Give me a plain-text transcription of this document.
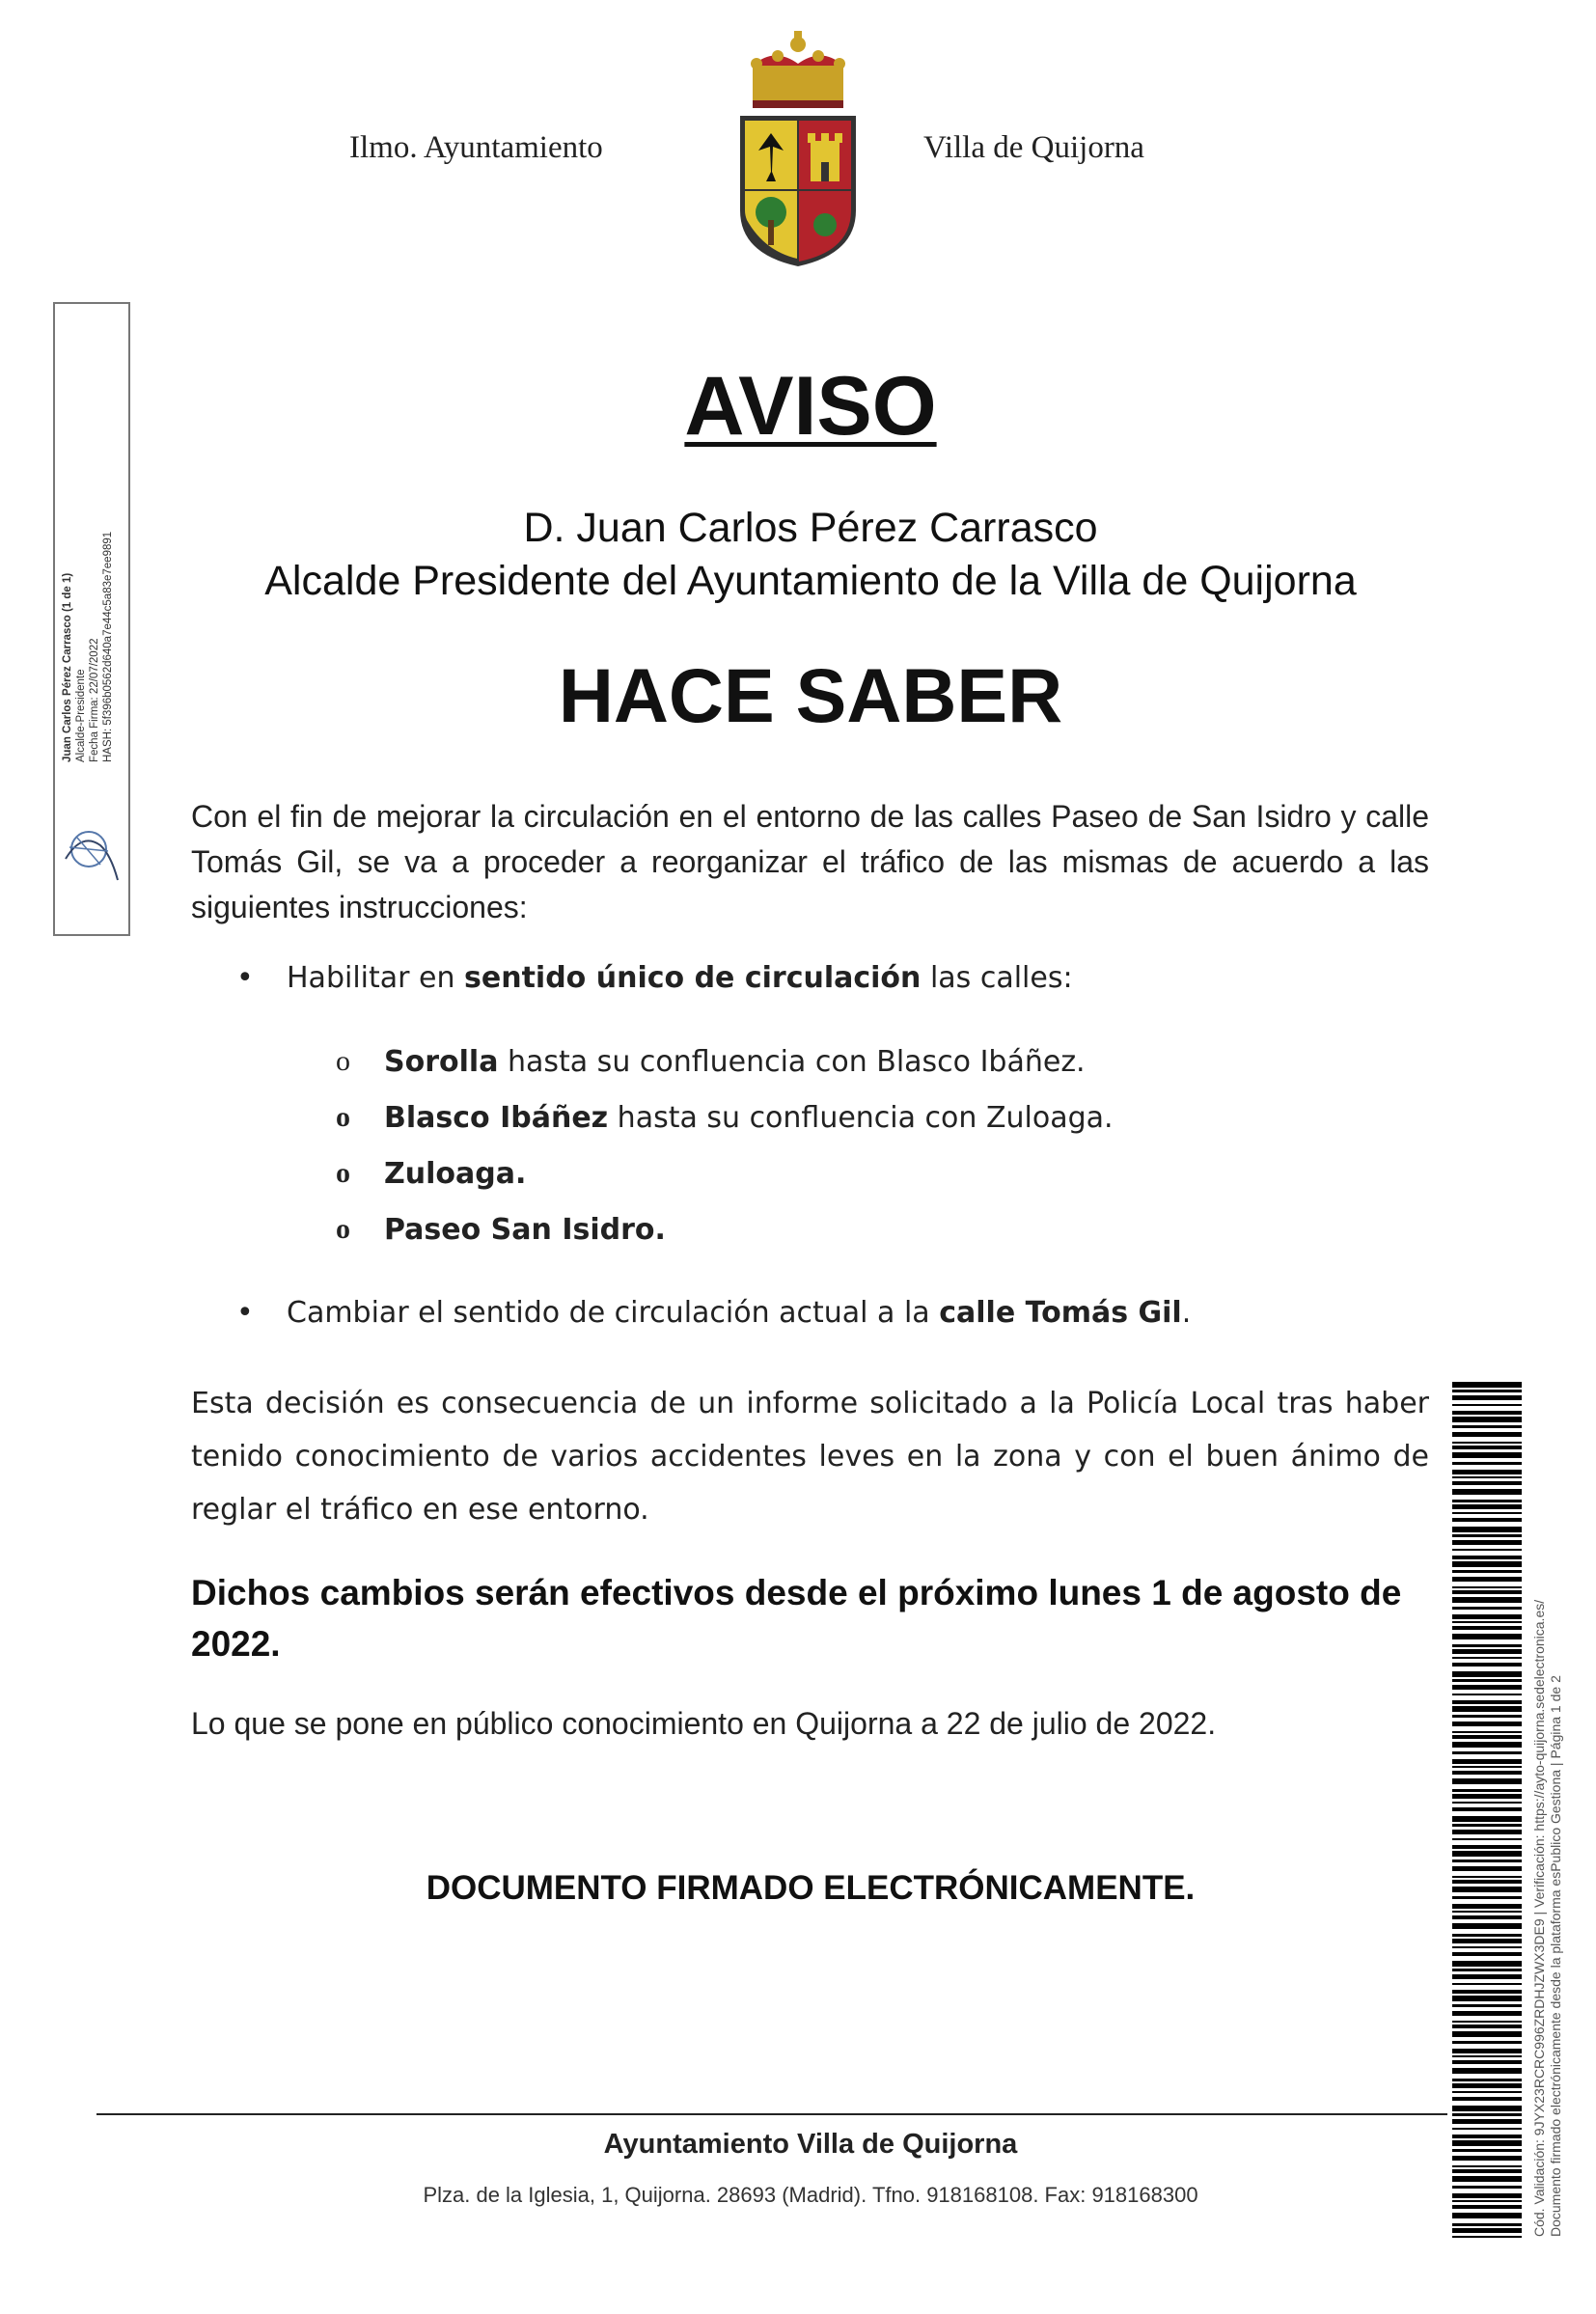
Ilmo. Ayuntamiento	Villa de Quijorna
Juan Carlos Pérez Carrasco (1 de 1) Alcalde-Presidente Fecha Firma: 22/07/2022 HASH: 5f396b0562d640a7e44c5a83e7ee9891
AVISO
D. Juan Carlos Pérez Carrasco
Alcalde Presidente del Ayuntamiento de la Villa de Quijorna
HACE SABER
Con el fin de mejorar la circulación en el entorno de las calles Paseo de San Isidro y calle Tomás Gil, se va a proceder a reorganizar el tráfico de las mismas de acuerdo a las siguientes instrucciones:
• Habilitar en sentido único de circulación las calles:
o Sorolla hasta su confluencia con Blasco Ibáñez.
o Blasco Ibáñez hasta su confluencia con Zuloaga.
o Zuloaga.
o Paseo San Isidro.
• Cambiar el sentido de circulación actual a la calle Tomás Gil.
Esta decisión es consecuencia de un informe solicitado a la Policía Local tras haber tenido conocimiento de varios accidentes leves en la zona y con el buen ánimo de reglar el tráfico en ese entorno.
Dichos cambios serán efectivos desde el próximo lunes 1 de agosto de 2022.
Lo que se pone en público conocimiento en Quijorna a 22 de julio de 2022.
DOCUMENTO FIRMADO ELECTRÓNICAMENTE.
Ayuntamiento Villa de Quijorna
Plza. de la Iglesia, 1, Quijorna. 28693 (Madrid). Tfno. 918168108. Fax: 918168300	Cód. Validación: 9JYX23RCRC996ZRDHJZWX3DE9 | Verificación: https://ayto-quijorna.sedelectronica.es/ Documento firmado electrónicamente desde la plataforma esPublico Gestiona | Página 1 de 2
